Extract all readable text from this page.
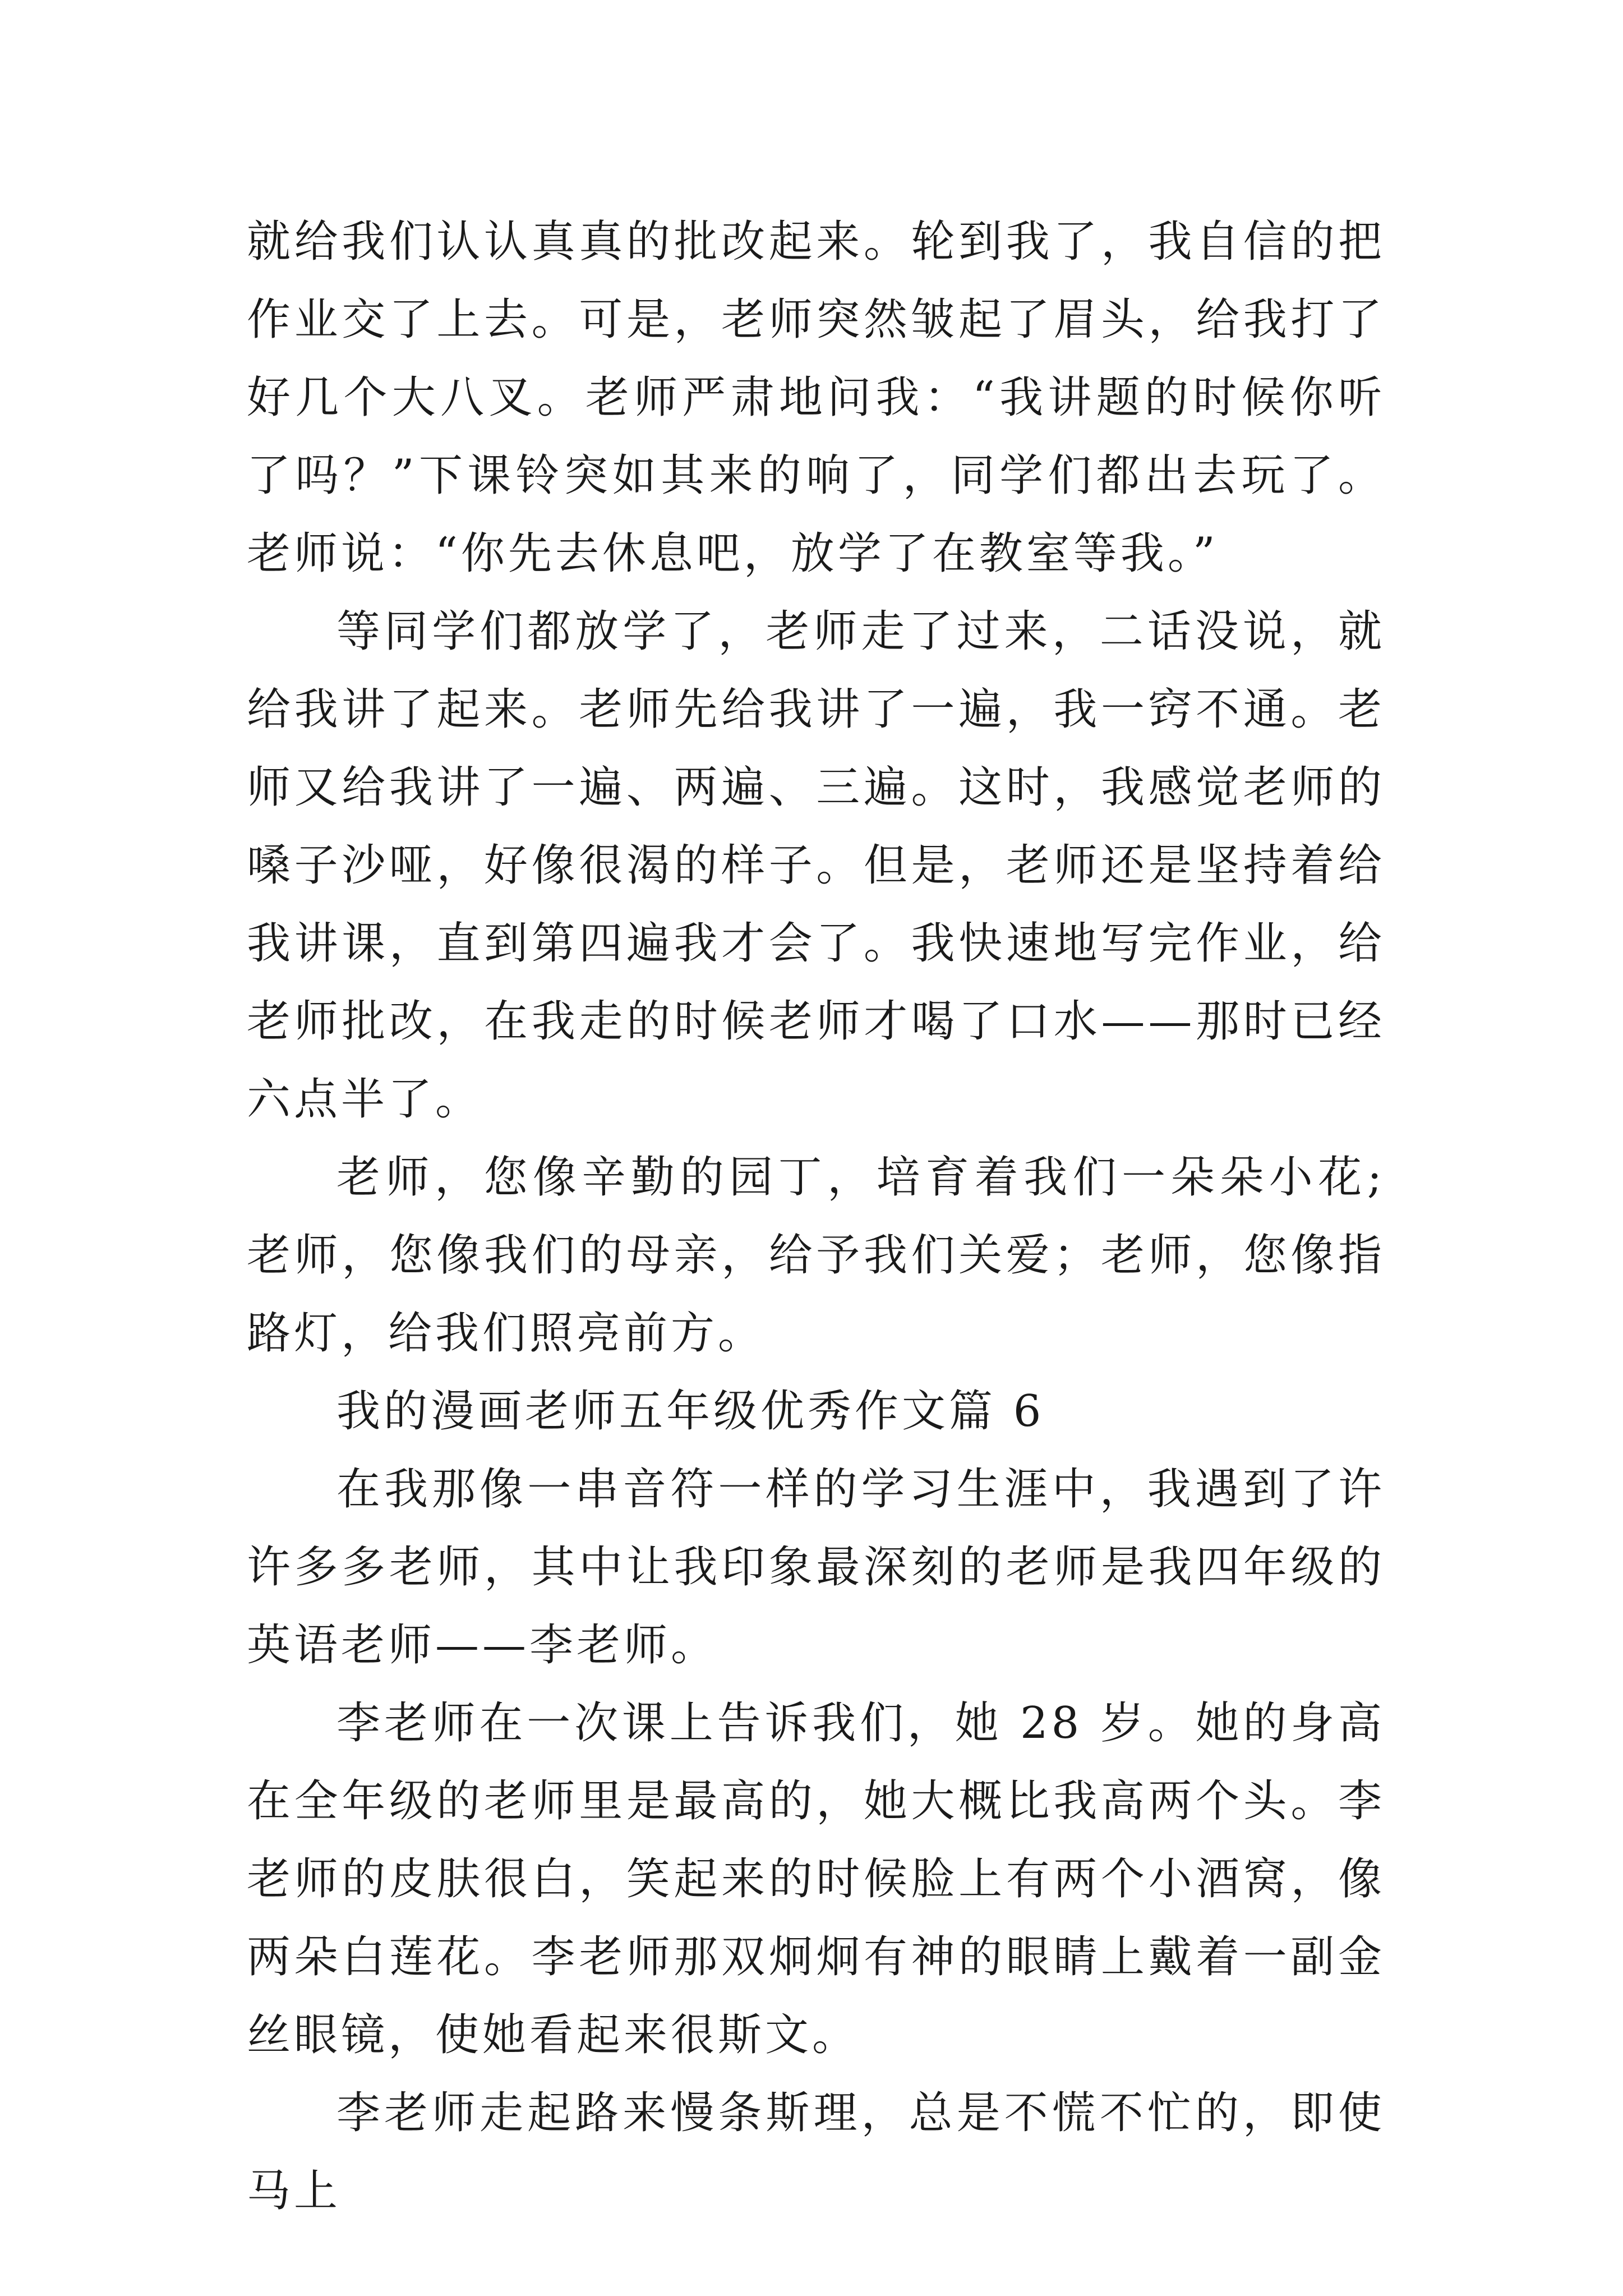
就给我们认认真真的批改起来。轮到我了，我自信的把作业交了上去。可是，老师突然皱起了眉头，给我打了好几个大八叉。老师严肃地问我：“我讲题的时候你听了吗？”下课铃突如其来的响了，同学们都出去玩了。老师说：“你先去休息吧，放学了在教室等我。”

等同学们都放学了，老师走了过来，二话没说，就给我讲了起来。老师先给我讲了一遍，我一窍不通。老师又给我讲了一遍、两遍、三遍。这时，我感觉老师的嗓子沙哑，好像很渴的样子。但是，老师还是坚持着给我讲课，直到第四遍我才会了。我快速地写完作业，给老师批改，在我走的时候老师才喝了口水——那时已经六点半了。

老师，您像辛勤的园丁，培育着我们一朵朵小花;老师，您像我们的母亲，给予我们关爱；老师，您像指路灯，给我们照亮前方。

我的漫画老师五年级优秀作文篇 6

在我那像一串音符一样的学习生涯中，我遇到了许许多多老师，其中让我印象最深刻的老师是我四年级的英语老师——李老师。

李老师在一次课上告诉我们，她 28 岁。她的身高在全年级的老师里是最高的，她大概比我高两个头。李老师的皮肤很白，笑起来的时候脸上有两个小酒窝，像两朵白莲花。李老师那双炯炯有神的眼睛上戴着一副金丝眼镜，使她看起来很斯文。

李老师走起路来慢条斯理，总是不慌不忙的，即使马上
